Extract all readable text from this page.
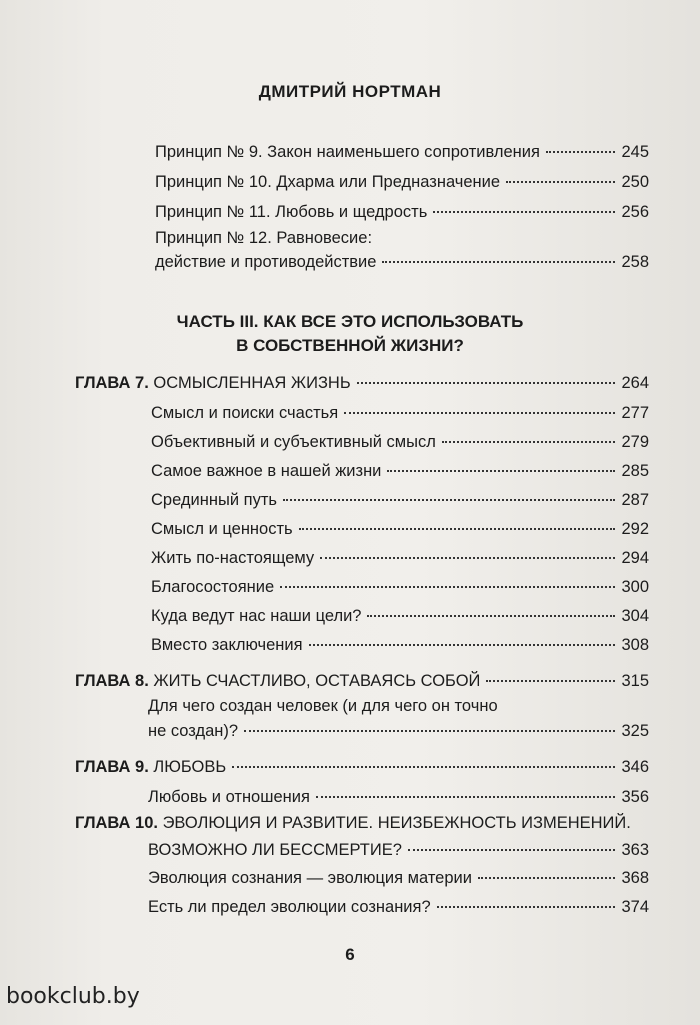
ДМИТРИЙ НОРТМАН
Принцип № 9. Закон наименьшего сопротивления	245
Принцип № 10. Дхарма или Предназначение	250
Принцип № 11. Любовь и щедрость	256
Принцип № 12. Равновесие:
действие и противодействие	258
ЧАСТЬ III. КАК ВСЕ ЭТО ИСПОЛЬЗОВАТЬ
В СОБСТВЕННОЙ ЖИЗНИ?
ГЛАВА 7. ОСМЫСЛЕННАЯ ЖИЗНЬ	264
Смысл и поиски счастья	277
Объективный и субъективный смысл	279
Самое важное в нашей жизни	285
Срединный путь	287
Смысл и ценность	292
Жить по-настоящему	294
Благосостояние	300
Куда ведут нас наши цели?	304
Вместо заключения	308
ГЛАВА 8. ЖИТЬ СЧАСТЛИВО, ОСТАВАЯСЬ СОБОЙ	315
Для чего создан человек (и для чего он точно
не создан)?	325
ГЛАВА 9. ЛЮБОВЬ	346
Любовь и отношения	356
ГЛАВА 10. ЭВОЛЮЦИЯ И РАЗВИТИЕ. НЕИЗБЕЖНОСТЬ ИЗМЕНЕНИЙ.
ВОЗМОЖНО ЛИ БЕССМЕРТИЕ?	363
Эволюция сознания — эволюция материи	368
Есть ли предел эволюции сознания?	374
6
bookclub.by
